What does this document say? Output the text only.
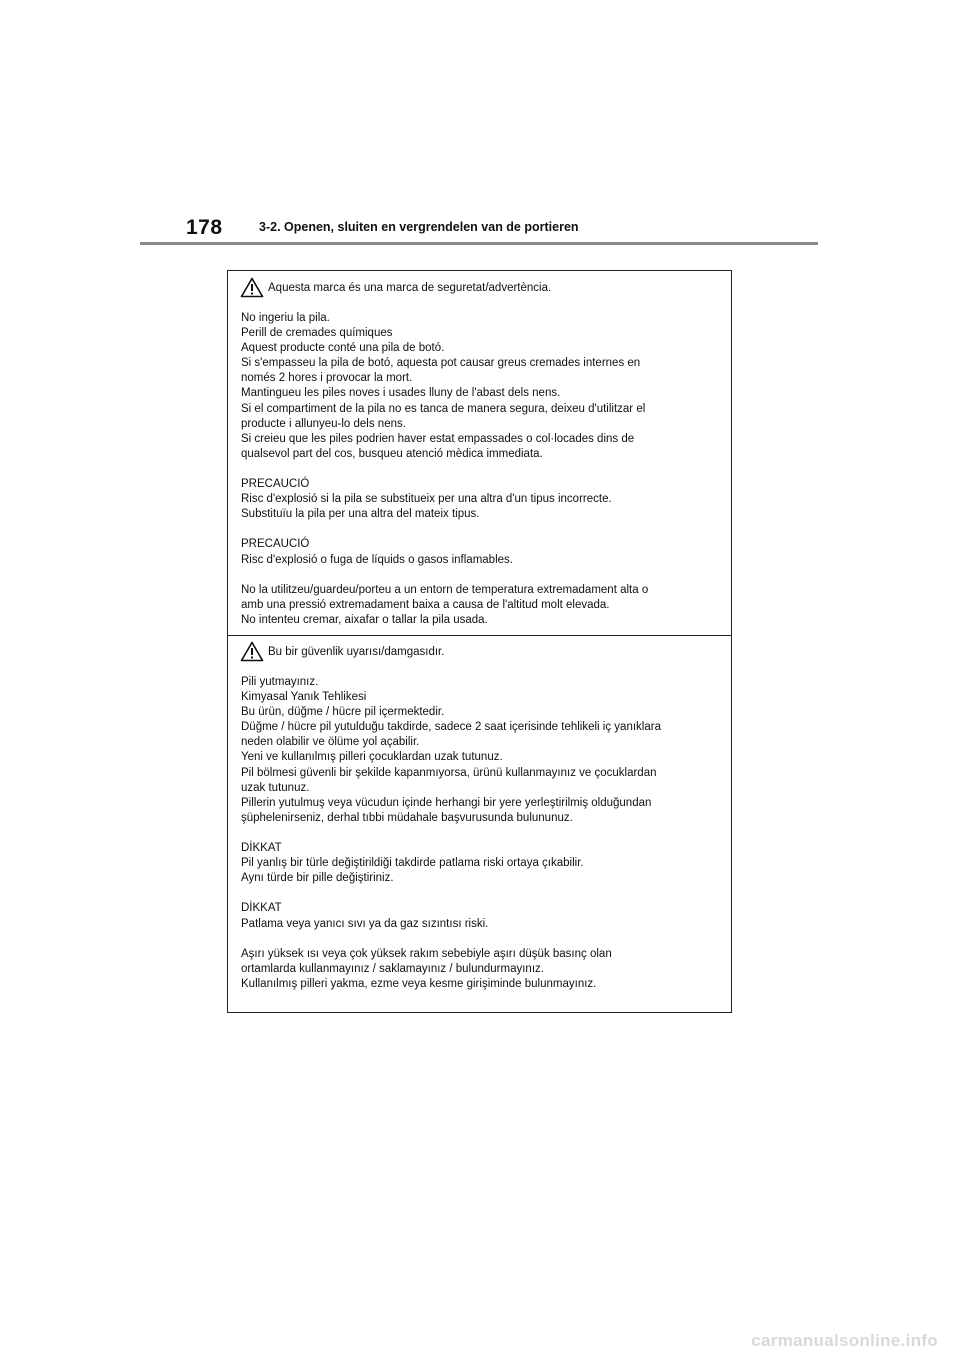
178	3-2. Openen, sluiten en vergrendelen van de portieren
Aquesta marca és una marca de seguretat/advertència.
No ingeriu la pila.
Perill de cremades químiques
Aquest producte conté una pila de botó.
Si s'empasseu la pila de botó, aquesta pot causar greus cremades internes en
només 2 hores i provocar la mort.
Mantingueu les piles noves i usades lluny de l'abast dels nens.
Si el compartiment de la pila no es tanca de manera segura, deixeu d'utilitzar el
producte i allunyeu-lo dels nens.
Si creieu que les piles podrien haver estat empassades o col·locades dins de
qualsevol part del cos, busqueu atenció mèdica immediata.
PRECAUCIÓ
Risc d'explosió si la pila se substitueix per una altra d'un tipus incorrecte.
Substituïu la pila per una altra del mateix tipus.
PRECAUCIÓ
Risc d'explosió o fuga de líquids o gasos inflamables.
No la utilitzeu/guardeu/porteu a un entorn de temperatura extremadament alta o
amb una pressió extremadament baixa a causa de l'altitud molt elevada.
No intenteu cremar, aixafar o tallar la pila usada.
Bu bir güvenlik uyarısı/damgasıdır.
Pili yutmayınız.
Kimyasal Yanık Tehlikesi
Bu ürün, düğme / hücre pil içermektedir.
Düğme / hücre pil yutulduğu takdirde, sadece 2 saat içerisinde tehlikeli iç yanıklara
neden olabilir ve ölüme yol açabilir.
Yeni ve kullanılmış pilleri çocuklardan uzak tutunuz.
Pil bölmesi güvenli bir şekilde kapanmıyorsa, ürünü kullanmayınız ve çocuklardan
uzak tutunuz.
Pillerin yutulmuş veya vücudun içinde herhangi bir yere yerleştirilmiş olduğundan
şüphelenirseniz, derhal tıbbi müdahale başvurusunda bulununuz.
DİKKAT
Pil yanlış bir türle değiştirildiği takdirde patlama riski ortaya çıkabilir.
Aynı türde bir pille değiştiriniz.
DİKKAT
Patlama veya yanıcı sıvı ya da gaz sızıntısı riski.
Aşırı yüksek ısı veya çok yüksek rakım sebebiyle aşırı düşük basınç olan
ortamlarda kullanmayınız / saklamayınız / bulundurmayınız.
Kullanılmış pilleri yakma, ezme veya kesme girişiminde bulunmayınız.
carmanualsonline.info
